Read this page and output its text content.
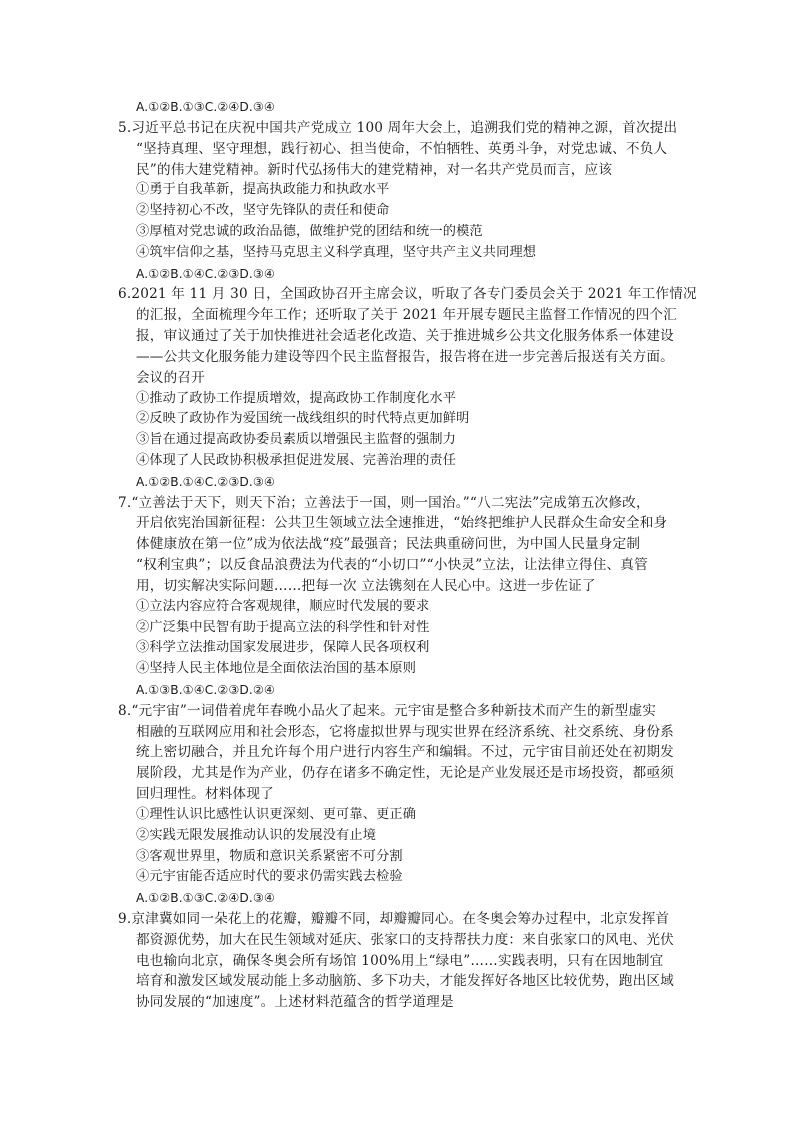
A.①②B.①③C.②④D.③④
5.习近平总书记在庆祝中国共产党成立 100 周年大会上，追溯我们党的精神之源，首次提出
“坚持真理、坚守理想，践行初心、担当使命，不怕牺牲、英勇斗争，对党忠诚、不负人
民”的伟大建党精神。新时代弘扬伟大的建党精神，对一名共产党员而言，应该
①勇于自我革新，提高执政能力和执政水平
②坚持初心不改，坚守先锋队的责任和使命
③厚植对党忠诚的政治品德，做维护党的团结和统一的模范
④筑牢信仰之基，坚持马克思主义科学真理，坚守共产主义共同理想
A.①②B.①④C.②③D.③④
6.2021 年 11 月 30 日，全国政协召开主席会议，听取了各专门委员会关于 2021 年工作情况
的汇报，全面梳理今年工作；还听取了关于 2021 年开展专题民主监督工作情况的四个汇
报，审议通过了关于加快推进社会适老化改造、关于推进城乡公共文化服务体系一体建设
——公共文化服务能力建设等四个民主监督报告，报告将在进一步完善后报送有关方面。
会议的召开
①推动了政协工作提质增效，提高政协工作制度化水平
②反映了政协作为爱国统一战线组织的时代特点更加鲜明
③旨在通过提高政协委员素质以增强民主监督的强制力
④体现了人民政协积极承担促进发展、完善治理的责任
A.①②B.①④C.②③D.③④
7.“立善法于天下，则天下治；立善法于一国，则一国治。”“八二宪法”完成第五次修改，
开启依宪治国新征程：公共卫生领域立法全速推进，“始终把维护人民群众生命安全和身
体健康放在第一位”成为依法战“疫”最强音；民法典重磅问世，为中国人民量身定制
“权利宝典”；以反食品浪费法为代表的“小切口”“小快灵”立法，让法律立得住、真管
用，切实解决实际问题……把每一次 立法镌刻在人民心中。这进一步佐证了
①立法内容应符合客观规律，顺应时代发展的要求
②广泛集中民智有助于提高立法的科学性和针对性
③科学立法推动国家发展进步，保障人民各项权利
④坚持人民主体地位是全面依法治国的基本原则
A.①③B.①④C.②③D.②④
8.“元宇宙”一词借着虎年春晚小品火了起来。元宇宙是整合多种新技术而产生的新型虚实
相融的互联网应用和社会形态，它将虚拟世界与现实世界在经济系统、社交系统、身份系
统上密切融合，并且允许每个用户进行内容生产和编辑。不过，元宇宙目前还处在初期发
展阶段，尤其是作为产业，仍存在诸多不确定性，无论是产业发展还是市场投资，都亟须
回归理性。材料体现了
①理性认识比感性认识更深刻、更可靠、更正确
②实践无限发展推动认识的发展没有止境
③客观世界里，物质和意识关系紧密不可分割
④元宇宙能否适应时代的要求仍需实践去检验
A.①②B.①③C.②④D.③④
9.京津冀如同一朵花上的花瓣，瓣瓣不同，却瓣瓣同心。在冬奥会筹办过程中，北京发挥首
都资源优势，加大在民生领域对延庆、张家口的支持帮扶力度：来自张家口的风电、光伏
电也输向北京，确保冬奥会所有场馆 100%用上“绿电”……实践表明，只有在因地制宜
培育和激发区域发展动能上多动脑筋、多下功夫，才能发挥好各地区比较优势，跑出区域
协同发展的“加速度”。上述材料范蕴含的哲学道理是
